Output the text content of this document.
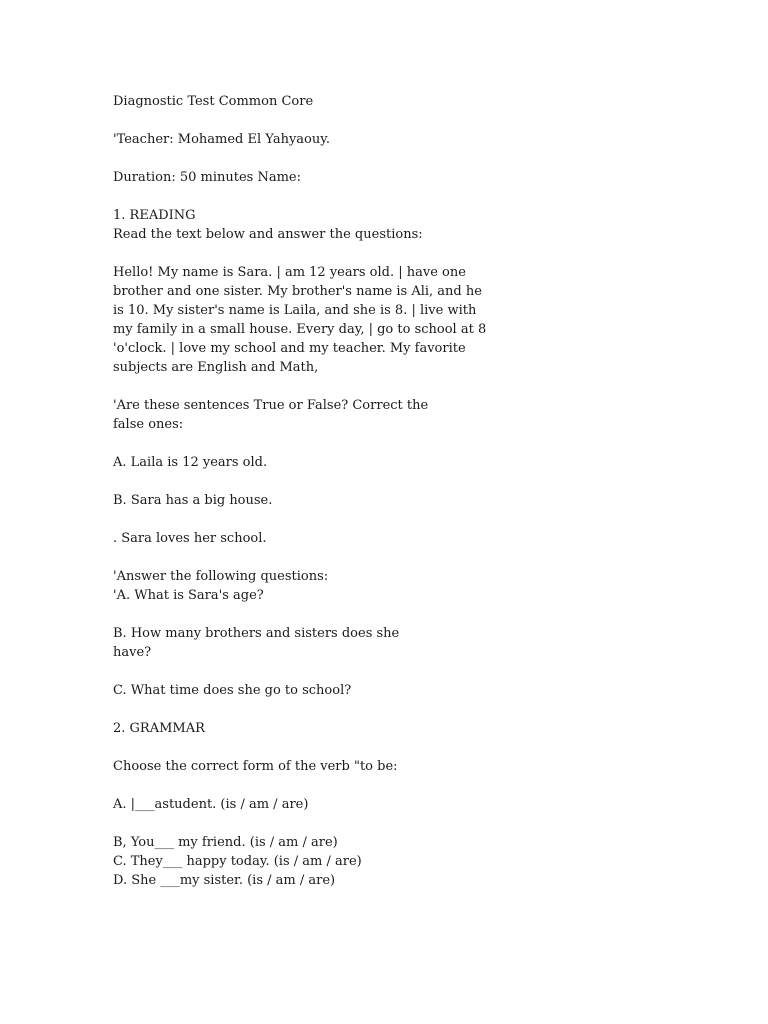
Diagnostic Test Common Core
'Teacher: Mohamed El Yahyaouy.
Duration: 50 minutes Name:
1. READING
Read the text below and answer the questions:
Hello! My name is Sara. | am 12 years old. | have one
brother and one sister. My brother's name is Ali, and he
is 10. My sister's name is Laila, and she is 8. | live with
my family in a small house. Every day, | go to school at 8
'o'clock. | love my school and my teacher. My favorite
subjects are English and Math,
'Are these sentences True or False? Correct the
false ones:
A. Laila is 12 years old.
B. Sara has a big house.
. Sara loves her school.
'Answer the following questions:
'A. What is Sara's age?
B. How many brothers and sisters does she
have?
C. What time does she go to school?
2. GRAMMAR
Choose the correct form of the verb "to be:
A. |___astudent. (is / am / are)
B, You___ my friend. (is / am / are)
C. They___ happy today. (is / am / are)
D. She ___my sister. (is / am / are)
